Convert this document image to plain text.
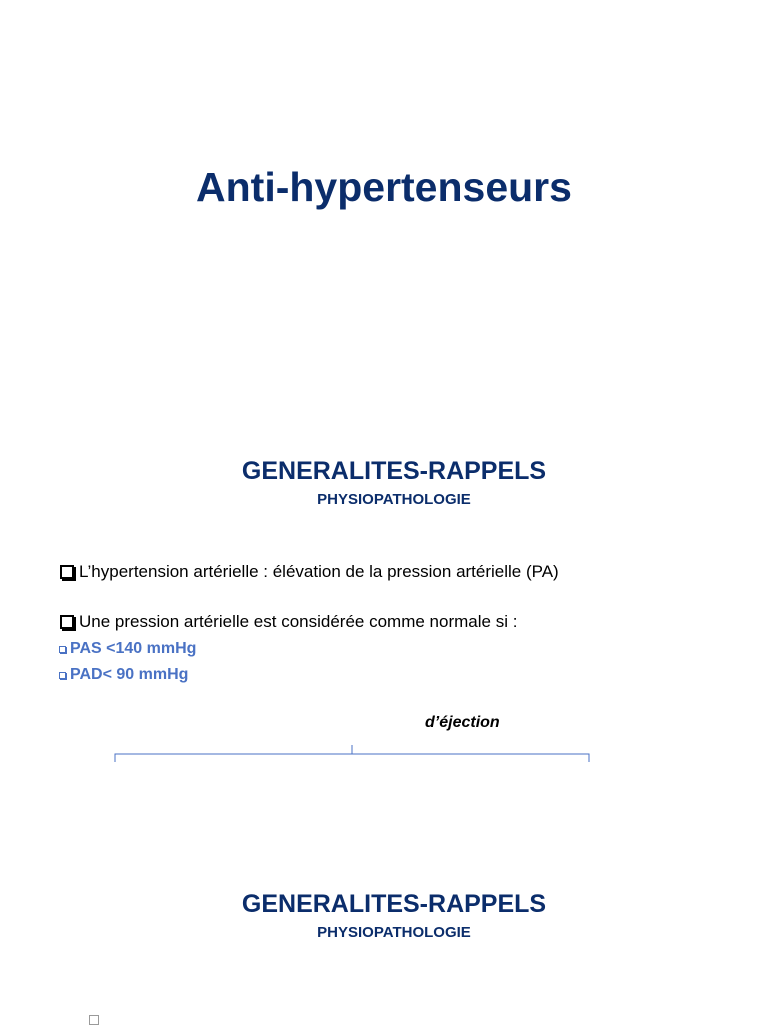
Anti-hypertenseurs
GENERALITES-RAPPELS
PHYSIOPATHOLOGIE
L’hypertension artérielle : élévation de la pression artérielle (PA)
Une pression artérielle est considérée comme normale si :
PAS <140 mmHg
PAD< 90 mmHg
d’éjection
GENERALITES-RAPPELS
PHYSIOPATHOLOGIE
